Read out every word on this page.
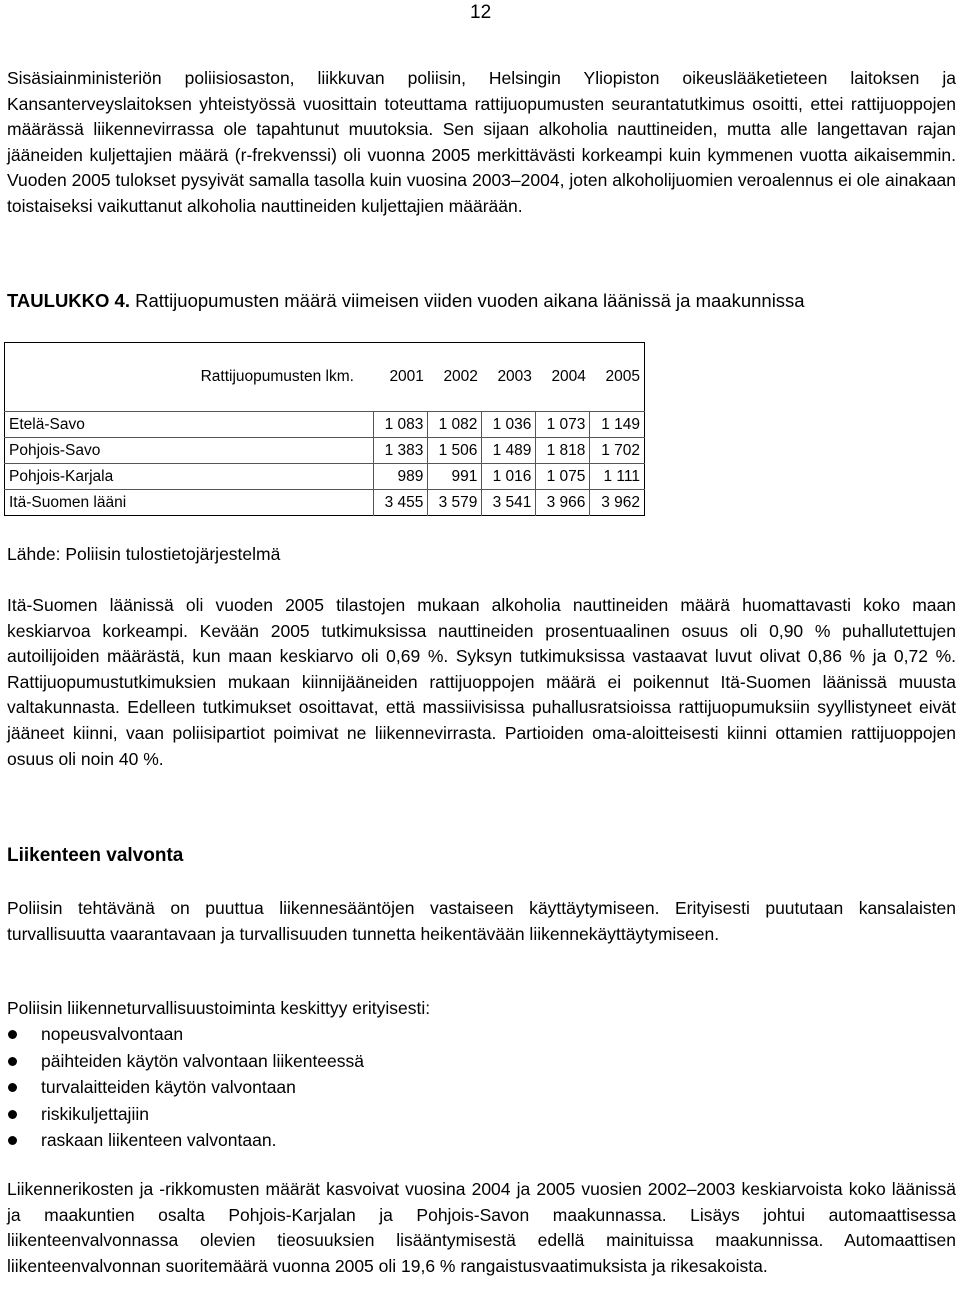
12

Sisäsiainministeriön poliisiosaston, liikkuvan poliisin, Helsingin Yliopiston oikeuslääketieteen laitoksen ja Kansanterveyslaitoksen yhteistyössä vuosittain toteuttama rattijuopumusten seurantatutkimus osoitti, ettei rattijuoppojen määrässä liikennevirrassa ole tapahtunut muutoksia. Sen sijaan alkoholia nauttineiden, mutta alle langettavan rajan jääneiden kuljettajien määrä (r-frekvenssi) oli vuonna 2005 merkittävästi korkeampi kuin kymmenen vuotta aikaisemmin. Vuoden 2005 tulokset pysyivät samalla tasolla kuin vuosina 2003–2004, joten alkoholijuomien veroalennus ei ole ainakaan toistaiseksi vaikuttanut alkoholia nauttineiden kuljettajien määrään.

TAULUKKO 4. Rattijuopumusten määrä viimeisen viiden vuoden aikana läänissä ja maakunnissa

Rattijuopumusten lkm.	2001	2002	2003	2004	2005
Etelä-Savo	1 083	1 082	1 036	1 073	1 149
Pohjois-Savo	1 383	1 506	1 489	1 818	1 702
Pohjois-Karjala	989	991	1 016	1 075	1 111
Itä-Suomen lääni	3 455	3 579	3 541	3 966	3 962

Lähde: Poliisin tulostietojärjestelmä

Itä-Suomen läänissä oli vuoden 2005 tilastojen mukaan alkoholia nauttineiden määrä huomattavasti koko maan keskiarvoa korkeampi. Kevään 2005 tutkimuksissa nauttineiden prosentuaalinen osuus oli 0,90 % puhallutettujen autoilijoiden määrästä, kun maan keskiarvo oli 0,69 %. Syksyn tutkimuksissa vastaavat luvut olivat 0,86 % ja 0,72 %. Rattijuopumustutkimuksien mukaan kiinnijääneiden rattijuoppojen määrä ei poikennut Itä-Suomen läänissä muusta valtakunnasta. Edelleen tutkimukset osoittavat, että massiivisissa puhallusratsioissa rattijuopumuksiin syyllistyneet eivät jääneet kiinni, vaan poliisipartiot poimivat ne liikennevirrasta. Partioiden oma-aloitteisesti kiinni ottamien rattijuoppojen osuus oli noin 40 %.

Liikenteen valvonta

Poliisin tehtävänä on puuttua liikennesääntöjen vastaiseen käyttäytymiseen. Erityisesti puututaan kansalaisten turvallisuutta vaarantavaan ja turvallisuuden tunnetta heikentävään liikennekäyttäytymiseen.

Poliisin liikenneturvallisuustoiminta keskittyy erityisesti:

nopeusvalvontaan
päihteiden käytön valvontaan liikenteessä
turvalaitteiden käytön valvontaan
riskikuljettajiin
raskaan liikenteen valvontaan.

Liikennerikosten ja -rikkomusten määrät kasvoivat vuosina 2004 ja 2005 vuosien 2002–2003 keskiarvoista koko läänissä ja maakuntien osalta Pohjois-Karjalan ja Pohjois-Savon maakunnassa. Lisäys johtui automaattisessa liikenteenvalvonnassa olevien tieosuuksien lisääntymisestä edellä mainituissa maakunnissa. Automaattisen liikenteenvalvonnan suoritemäärä vuonna 2005 oli 19,6 % rangaistusvaatimuksista ja rikesakoista.
